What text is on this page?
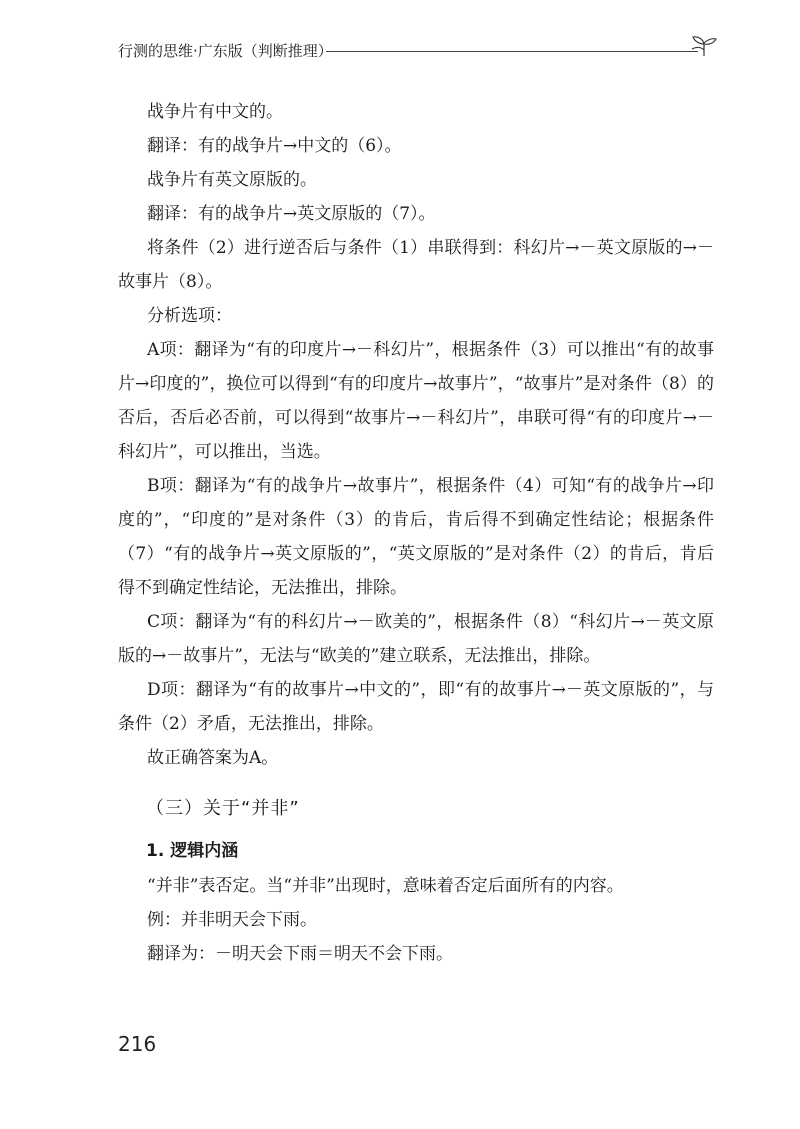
行测的思维·广东版（判断推理）

战争片有中文的。

翻译：有的战争片→中文的（6）。

战争片有英文原版的。

翻译：有的战争片→英文原版的（7）。

将条件（2）进行逆否后与条件（1）串联得到：科幻片→－英文原版的→－故事片（8）。

分析选项：

A项：翻译为“有的印度片→－科幻片”，根据条件（3）可以推出“有的故事片→印度的”，换位可以得到“有的印度片→故事片”，“故事片”是对条件（8）的否后，否后必否前，可以得到“故事片→－科幻片”，串联可得“有的印度片→－科幻片”，可以推出，当选。

B项：翻译为“有的战争片→故事片”，根据条件（4）可知“有的战争片→印度的”，“印度的”是对条件（3）的肯后，肯后得不到确定性结论；根据条件（7）“有的战争片→英文原版的”，“英文原版的”是对条件（2）的肯后，肯后得不到确定性结论，无法推出，排除。

C项：翻译为“有的科幻片→－欧美的”，根据条件（8）“科幻片→－英文原版的→－故事片”，无法与“欧美的”建立联系，无法推出，排除。

D项：翻译为“有的故事片→中文的”，即“有的故事片→－英文原版的”，与条件（2）矛盾，无法推出，排除。

故正确答案为A。

（三）关于“并非”
1. 逻辑内涵

“并非”表否定。当“并非”出现时，意味着否定后面所有的内容。

例：并非明天会下雨。

翻译为：－明天会下雨＝明天不会下雨。

216
